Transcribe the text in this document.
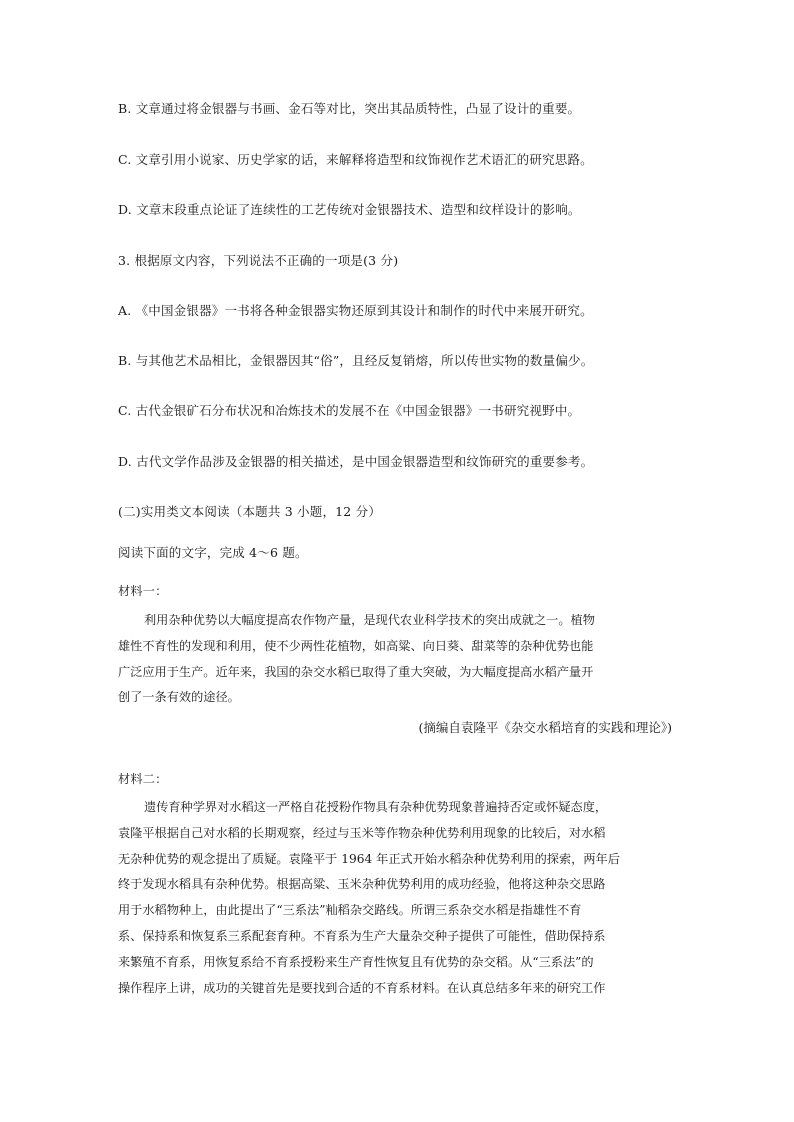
B. 文章通过将金银器与书画、金石等对比，突出其品质特性，凸显了设计的重要。
C. 文章引用小说家、历史学家的话，来解释将造型和纹饰视作艺术语汇的研究思路。
D. 文章末段重点论证了连续性的工艺传统对金银器技术、造型和纹样设计的影响。
3. 根据原文内容，下列说法不正确的一项是(3 分)
A. 《中国金银器》一书将各种金银器实物还原到其设计和制作的时代中来展开研究。
B. 与其他艺术品相比，金银器因其“俗”，且经反复销熔，所以传世实物的数量偏少。
C. 古代金银矿石分布状况和冶炼技术的发展不在《中国金银器》一书研究视野中。
D. 古代文学作品涉及金银器的相关描述，是中国金银器造型和纹饰研究的重要参考。
(二)实用类文本阅读（本题共 3 小题，12 分）
阅读下面的文字，完成 4～6 题。
材料一：

利用杂种优势以大幅度提高农作物产量，是现代农业科学技术的突出成就之一。植物

雄性不育性的发现和利用，使不少两性花植物，如高粱、向日葵、甜菜等的杂种优势也能

广泛应用于生产。近年来，我国的杂交水稻已取得了重大突破，为大幅度提高水稻产量开

创了一条有效的途径。

(摘编自袁隆平《杂交水稻培育的实践和理论》)
材料二：

遗传育种学界对水稻这一严格自花授粉作物具有杂种优势现象普遍持否定或怀疑态度，

袁隆平根据自己对水稻的长期观察，经过与玉米等作物杂种优势利用现象的比较后，对水稻

无杂种优势的观念提出了质疑。袁隆平于 1964 年正式开始水稻杂种优势利用的探索，两年后

终于发现水稻具有杂种优势。根据高粱、玉米杂种优势利用的成功经验，他将这种杂交思路

用于水稻物种上，由此提出了“三系法”籼稻杂交路线。所谓三系杂交水稻是指雄性不育

系、保持系和恢复系三系配套育种。不育系为生产大量杂交种子提供了可能性，借助保持系

来繁殖不育系，用恢复系给不育系授粉来生产育性恢复且有优势的杂交稻。从“三系法”的

操作程序上讲，成功的关键首先是要找到合适的不育系材料。在认真总结多年来的研究工作
